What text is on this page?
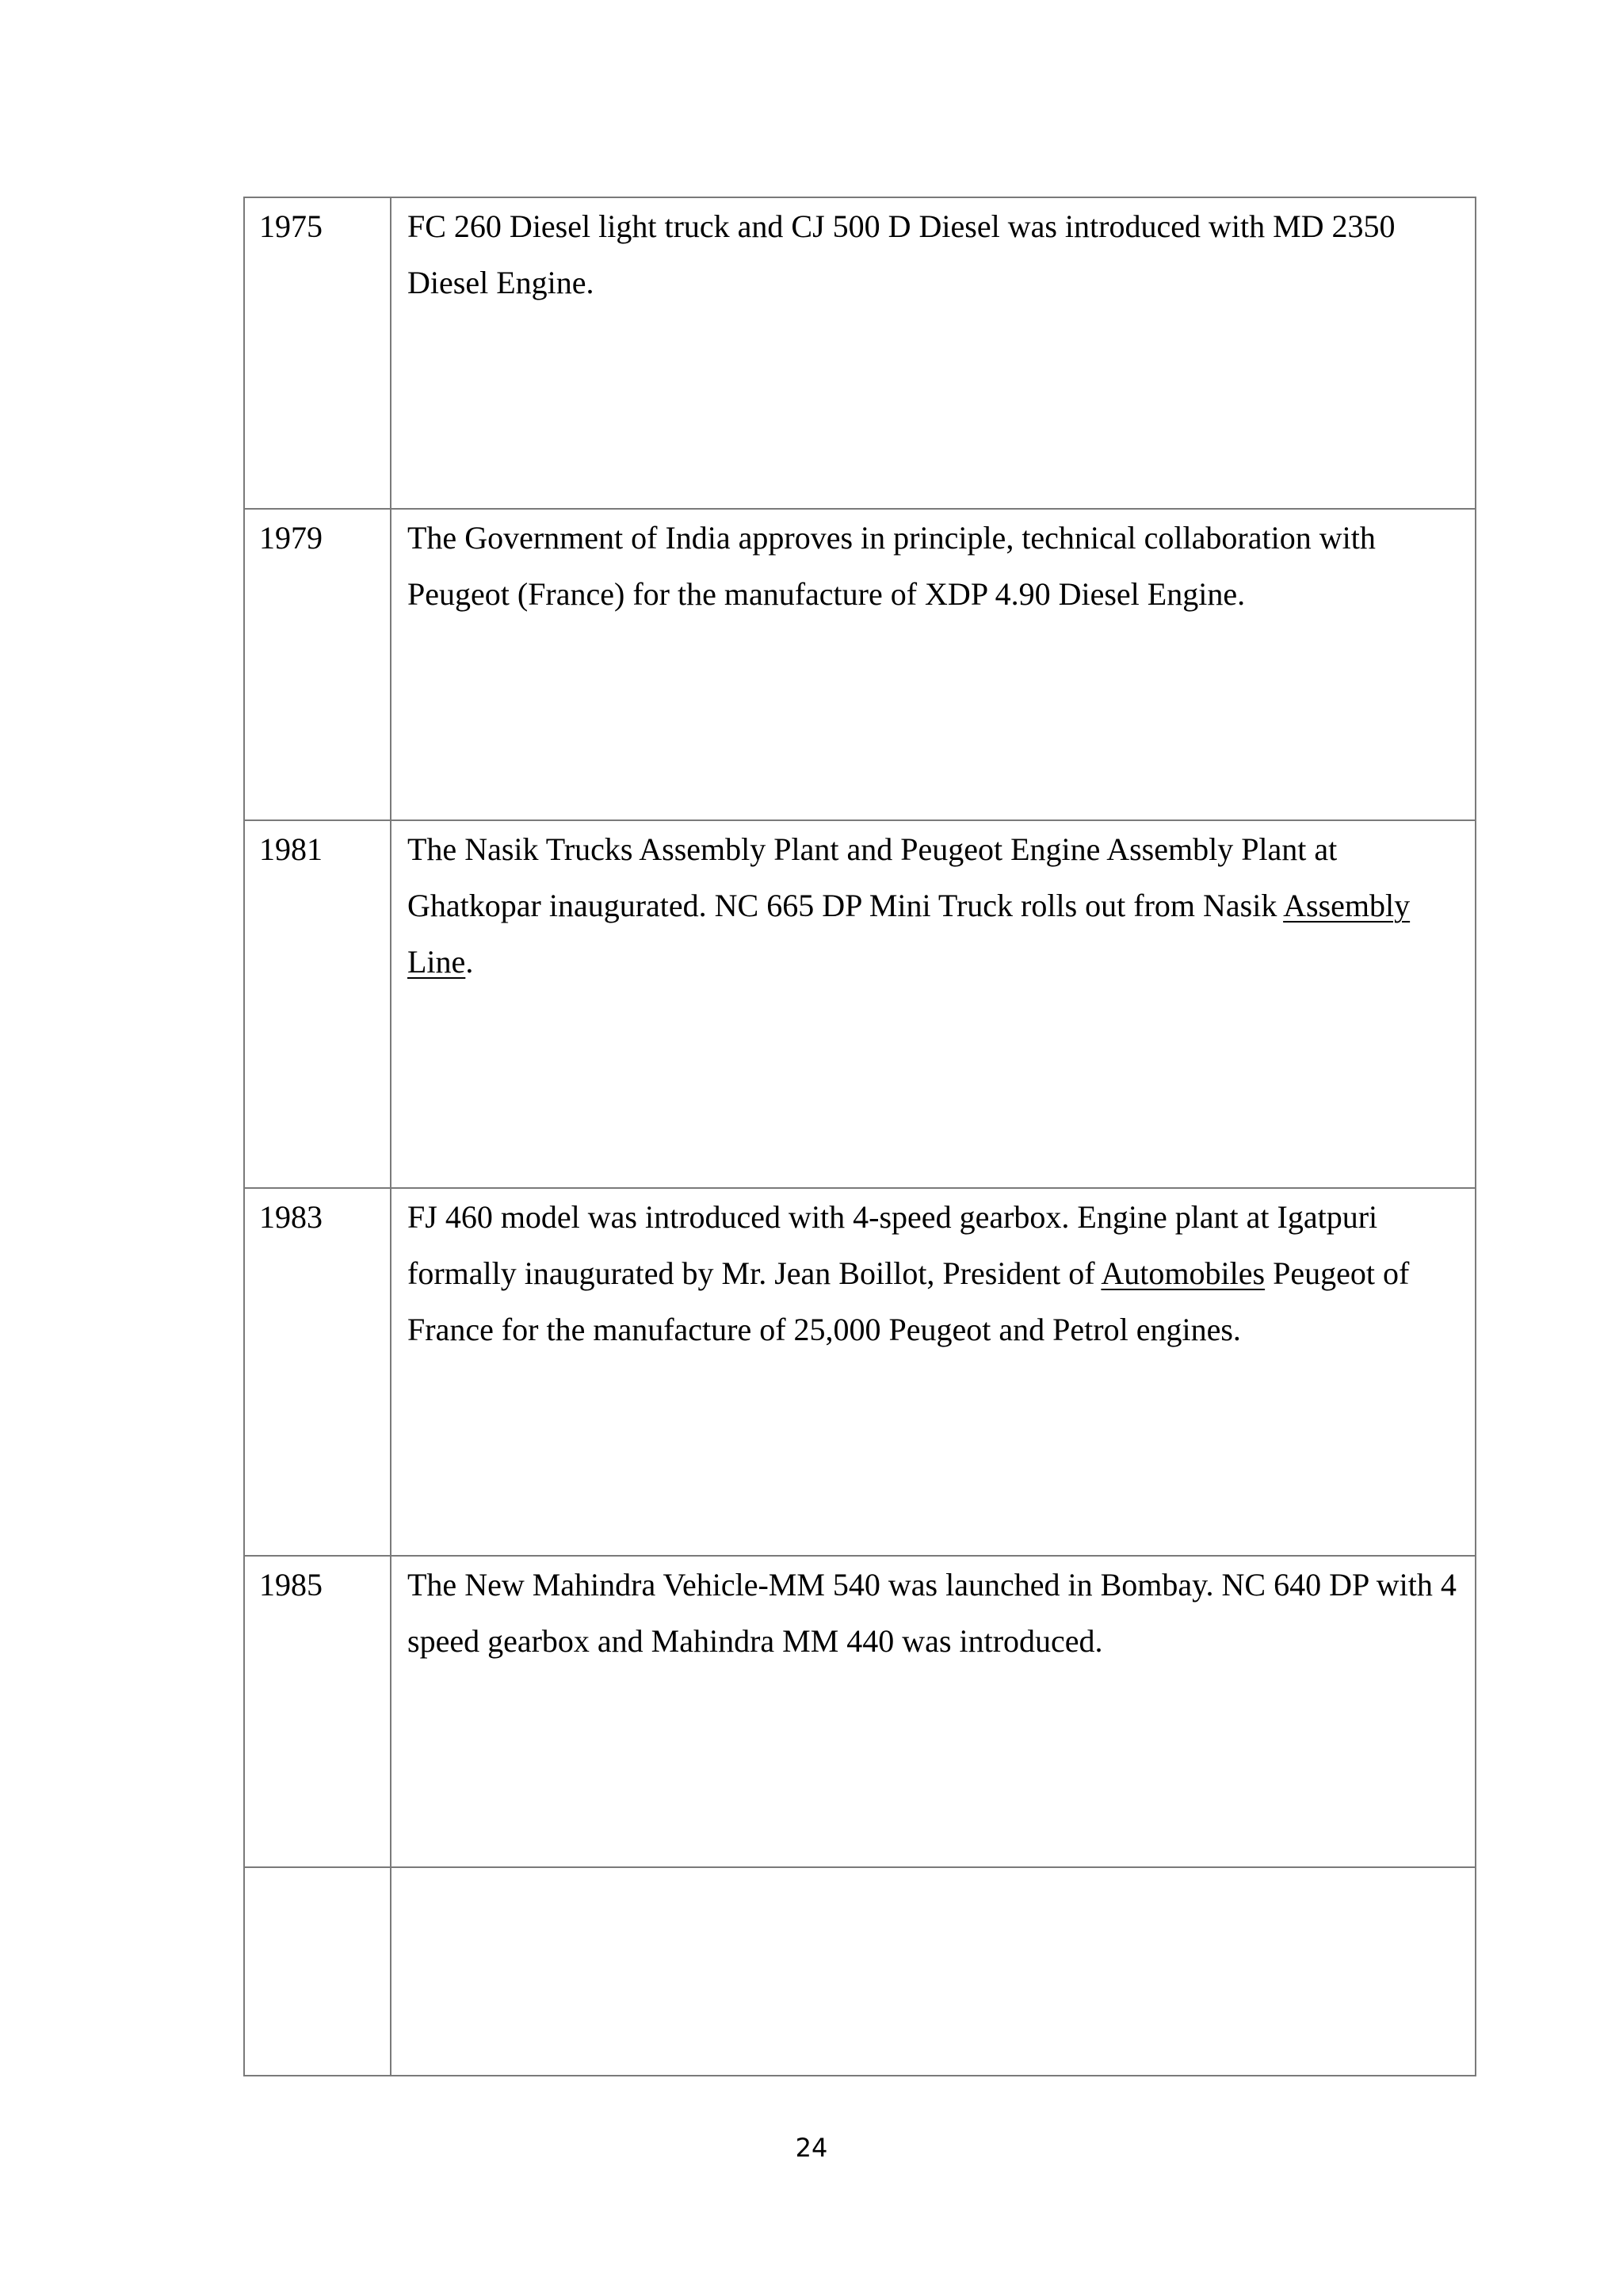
1975	FC 260 Diesel light truck and CJ 500 D Diesel was introduced with MD 2350 Diesel Engine.

1979	The Government of India approves in principle, technical collaboration with Peugeot (France) for the manufacture of XDP 4.90 Diesel Engine.

1981	The Nasik Trucks Assembly Plant and Peugeot Engine Assembly Plant at Ghatkopar inaugurated. NC 665 DP Mini Truck rolls out from Nasik Assembly Line.

1983	FJ 460 model was introduced with 4-speed gearbox. Engine plant at Igatpuri formally inaugurated by Mr. Jean Boillot, President of Automobiles Peugeot of France for the manufacture of 25,000 Peugeot and Petrol engines.

1985	The New Mahindra Vehicle-MM 540 was launched in Bombay. NC 640 DP with 4 speed gearbox and Mahindra MM 440 was introduced.

24
